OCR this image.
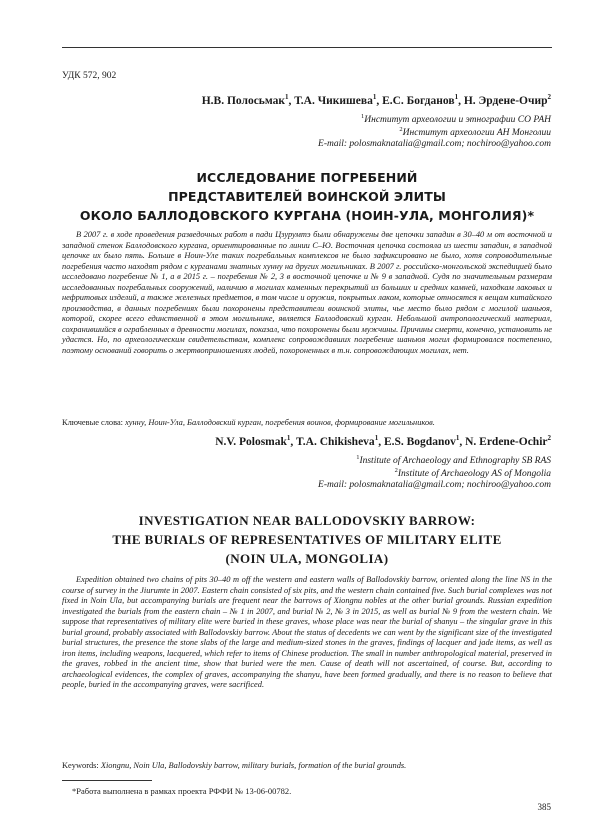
УДК 572, 902
Н.В. Полосьмак$^1$, Т.А. Чикишева$^1$, Е.С. Богданов$^1$, Н. Эрдене-Очир$^2$
$^1$Институт археологии и этнографии СО РАН
$^2$Институт археологии АН Монголии
E-mail: polosmaknatalia@gmail.com; nochiroo@yahoo.com
ИССЛЕДОВАНИЕ ПОГРЕБЕНИЙ
ПРЕДСТАВИТЕЛЕЙ ВОИНСКОЙ ЭЛИТЫ
ОКОЛО БАЛЛОДОВСКОГО КУРГАНА (НОИН-УЛА, МОНГОЛИЯ)*
В 2007 г. в ходе проведения разведочных работ в пади Цзурумтэ были обнаружены две цепочки западин в 30–40 м от восточной и западной стенок Баллодовского кургана, ориентированные по линии С–Ю. Восточная цепочка состояла из шести западин, в западной цепочке их было пять. Больше в Ноин-Уле таких погребальных комплексов не было зафиксировано не было, хотя сопроводительные погребения часто находят рядом с курганами знатных хунну на других могильниках. В 2007 г. российско-монгольской экспедицией было исследовано погребение № 1, а в 2015 г. – погребения № 2, 3 в восточной цепочке и № 9 в западной. Судя по значительным размерам исследованных погребальных сооружений, наличию в могилах каменных перекрытий из больших и средних камней, находкам лаковых и нефритовых изделий, а также железных предметов, в том числе и оружия, покрытых лаком, которые относятся к вещам китайского производства, в данных погребениях были похоронены представители воинской элиты, чье место было рядом с могилой шаньюя, которой, скорее всего единственной в этом могильнике, является Баллодовский курган. Небольшой антропологический материал, сохранившийся в ограбленных в древности могилах, показал, что похоронены были мужчины. Причины смерти, конечно, установить не удастся. Но, по археологическим свидетельствам, комплекс сопровождавших погребение шаньюя могил формировался постепенно, поэтому оснований говорить о жертвоприношениях людей, похороненных в т.н. сопровождающих могилах, нет.
Ключевые слова: хунну, Ноин-Ула, Баллодовский курган, погребения воинов, формирование могильников.
N.V. Polosmak$^1$, T.A. Chikisheva$^1$, E.S. Bogdanov$^1$, N. Erdene-Ochir$^2$
$^1$Institute of Archaeology and Ethnography SB RAS
$^2$Institute of Archaeology AS of Mongolia
E-mail: polosmaknatalia@gmail.com; nochiroo@yahoo.com
INVESTIGATION NEAR BALLODOVSKIY BARROW:
THE BURIALS OF REPRESENTATIVES OF MILITARY ELITE
(NOIN ULA, MONGOLIA)
Expedition obtained two chains of pits 30–40 m off the western and eastern walls of Ballodovskiy barrow, oriented along the line NS in the course of survey in the Jiurumte in 2007. Eastern chain consisted of six pits, and the western chain contained five. Such burial complexes was not fixed in Noin Ula, but accompanying burials are frequent near the barrows of Xiongnu nobles at the other burial grounds. Russian expedition investigated the burials from the eastern chain – № 1 in 2007, and burial № 2, № 3 in 2015, as well as burial № 9 from the western chain. We suppose that representatives of military elite were buried in these graves, whose place was near the burial of shanyu – the singular grave in this burial ground, probably associated with Ballodovskiy barrow. About the status of decedents we can went by the significant size of the investigated burial structures, the presence the stone slabs of the large and medium-sized stones in the graves, findings of lacquer and jade items, as well as iron items, including weapons, lacquered, which refer to items of Chinese production. The small in number anthropological material, preserved in the graves, robbed in the ancient time, show that buried were the men. Cause of death will not ascertained, of course. But, according to archaeological evidences, the complex of graves, accompanying the shanyu, have been formed gradually, and there is no reason to believe that people, buried in the accompanying graves, were sacrificed.
Keywords: Xiongnu, Noin Ula, Ballodovskiy barrow, military burials, formation of the burial grounds.
*Работа выполнена в рамках проекта РФФИ № 13-06-00782.
385
